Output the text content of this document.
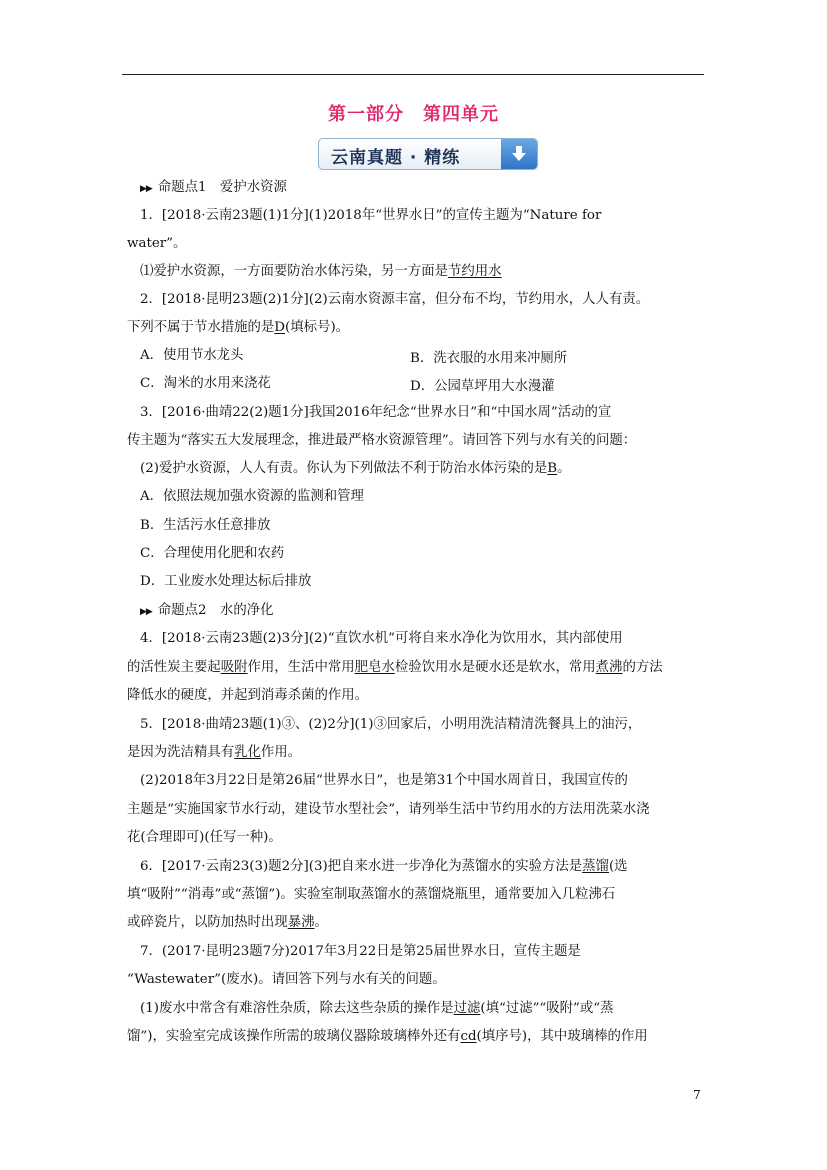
第一部分　第四单元
云南真题 · 精练
▶▶ 命题点1　爱护水资源
1．[2018·云南23题(1)1分](1)2018年“世界水日”的宣传主题为“Nature for
water”。
⑴爱护水资源，一方面要防治水体污染，另一方面是节约用水
2．[2018·昆明23题(2)1分](2)云南水资源丰富，但分布不均，节约用水，人人有责。
下列不属于节水措施的是D(填标号)。
A．使用节水龙头	B．洗衣服的水用来冲厕所
C．淘米的水用来浇花	D．公园草坪用大水漫灌
3．[2016·曲靖22(2)题1分]我国2016年纪念“世界水日”和“中国水周”活动的宣
传主题为“落实五大发展理念，推进最严格水资源管理”。请回答下列与水有关的问题：
(2)爱护水资源，人人有责。你认为下列做法不利于防治水体污染的是B。
A．依照法规加强水资源的监测和管理
B．生活污水任意排放
C．合理使用化肥和农药
D．工业废水处理达标后排放
▶▶ 命题点2　水的净化
4．[2018·云南23题(2)3分](2)“直饮水机”可将自来水净化为饮用水，其内部使用
的活性炭主要起吸附作用，生活中常用肥皂水检验饮用水是硬水还是软水，常用煮沸的方法
降低水的硬度，并起到消毒杀菌的作用。
5．[2018·曲靖23题(1)③、(2)2分](1)③回家后，小明用洗洁精清洗餐具上的油污，
是因为洗洁精具有乳化作用。
(2)2018年3月22日是第26届“世界水日”，也是第31个中国水周首日，我国宣传的
主题是“实施国家节水行动，建设节水型社会”，请列举生活中节约用水的方法用洗菜水浇
花(合理即可)(任写一种)。
6．[2017·云南23(3)题2分](3)把自来水进一步净化为蒸馏水的实验方法是蒸馏(选
填“吸附”“消毒”或“蒸馏”)。实验室制取蒸馏水的蒸馏烧瓶里，通常要加入几粒沸石
或碎瓷片，以防加热时出现暴沸。
7．(2017·昆明23题7分)2017年3月22日是第25届世界水日，宣传主题是
“Wastewater”(废水)。请回答下列与水有关的问题。
(1)废水中常含有难溶性杂质，除去这些杂质的操作是过滤(填“过滤”“吸附”或“蒸
馏”)，实验室完成该操作所需的玻璃仪器除玻璃棒外还有cd(填序号)，其中玻璃棒的作用
7
